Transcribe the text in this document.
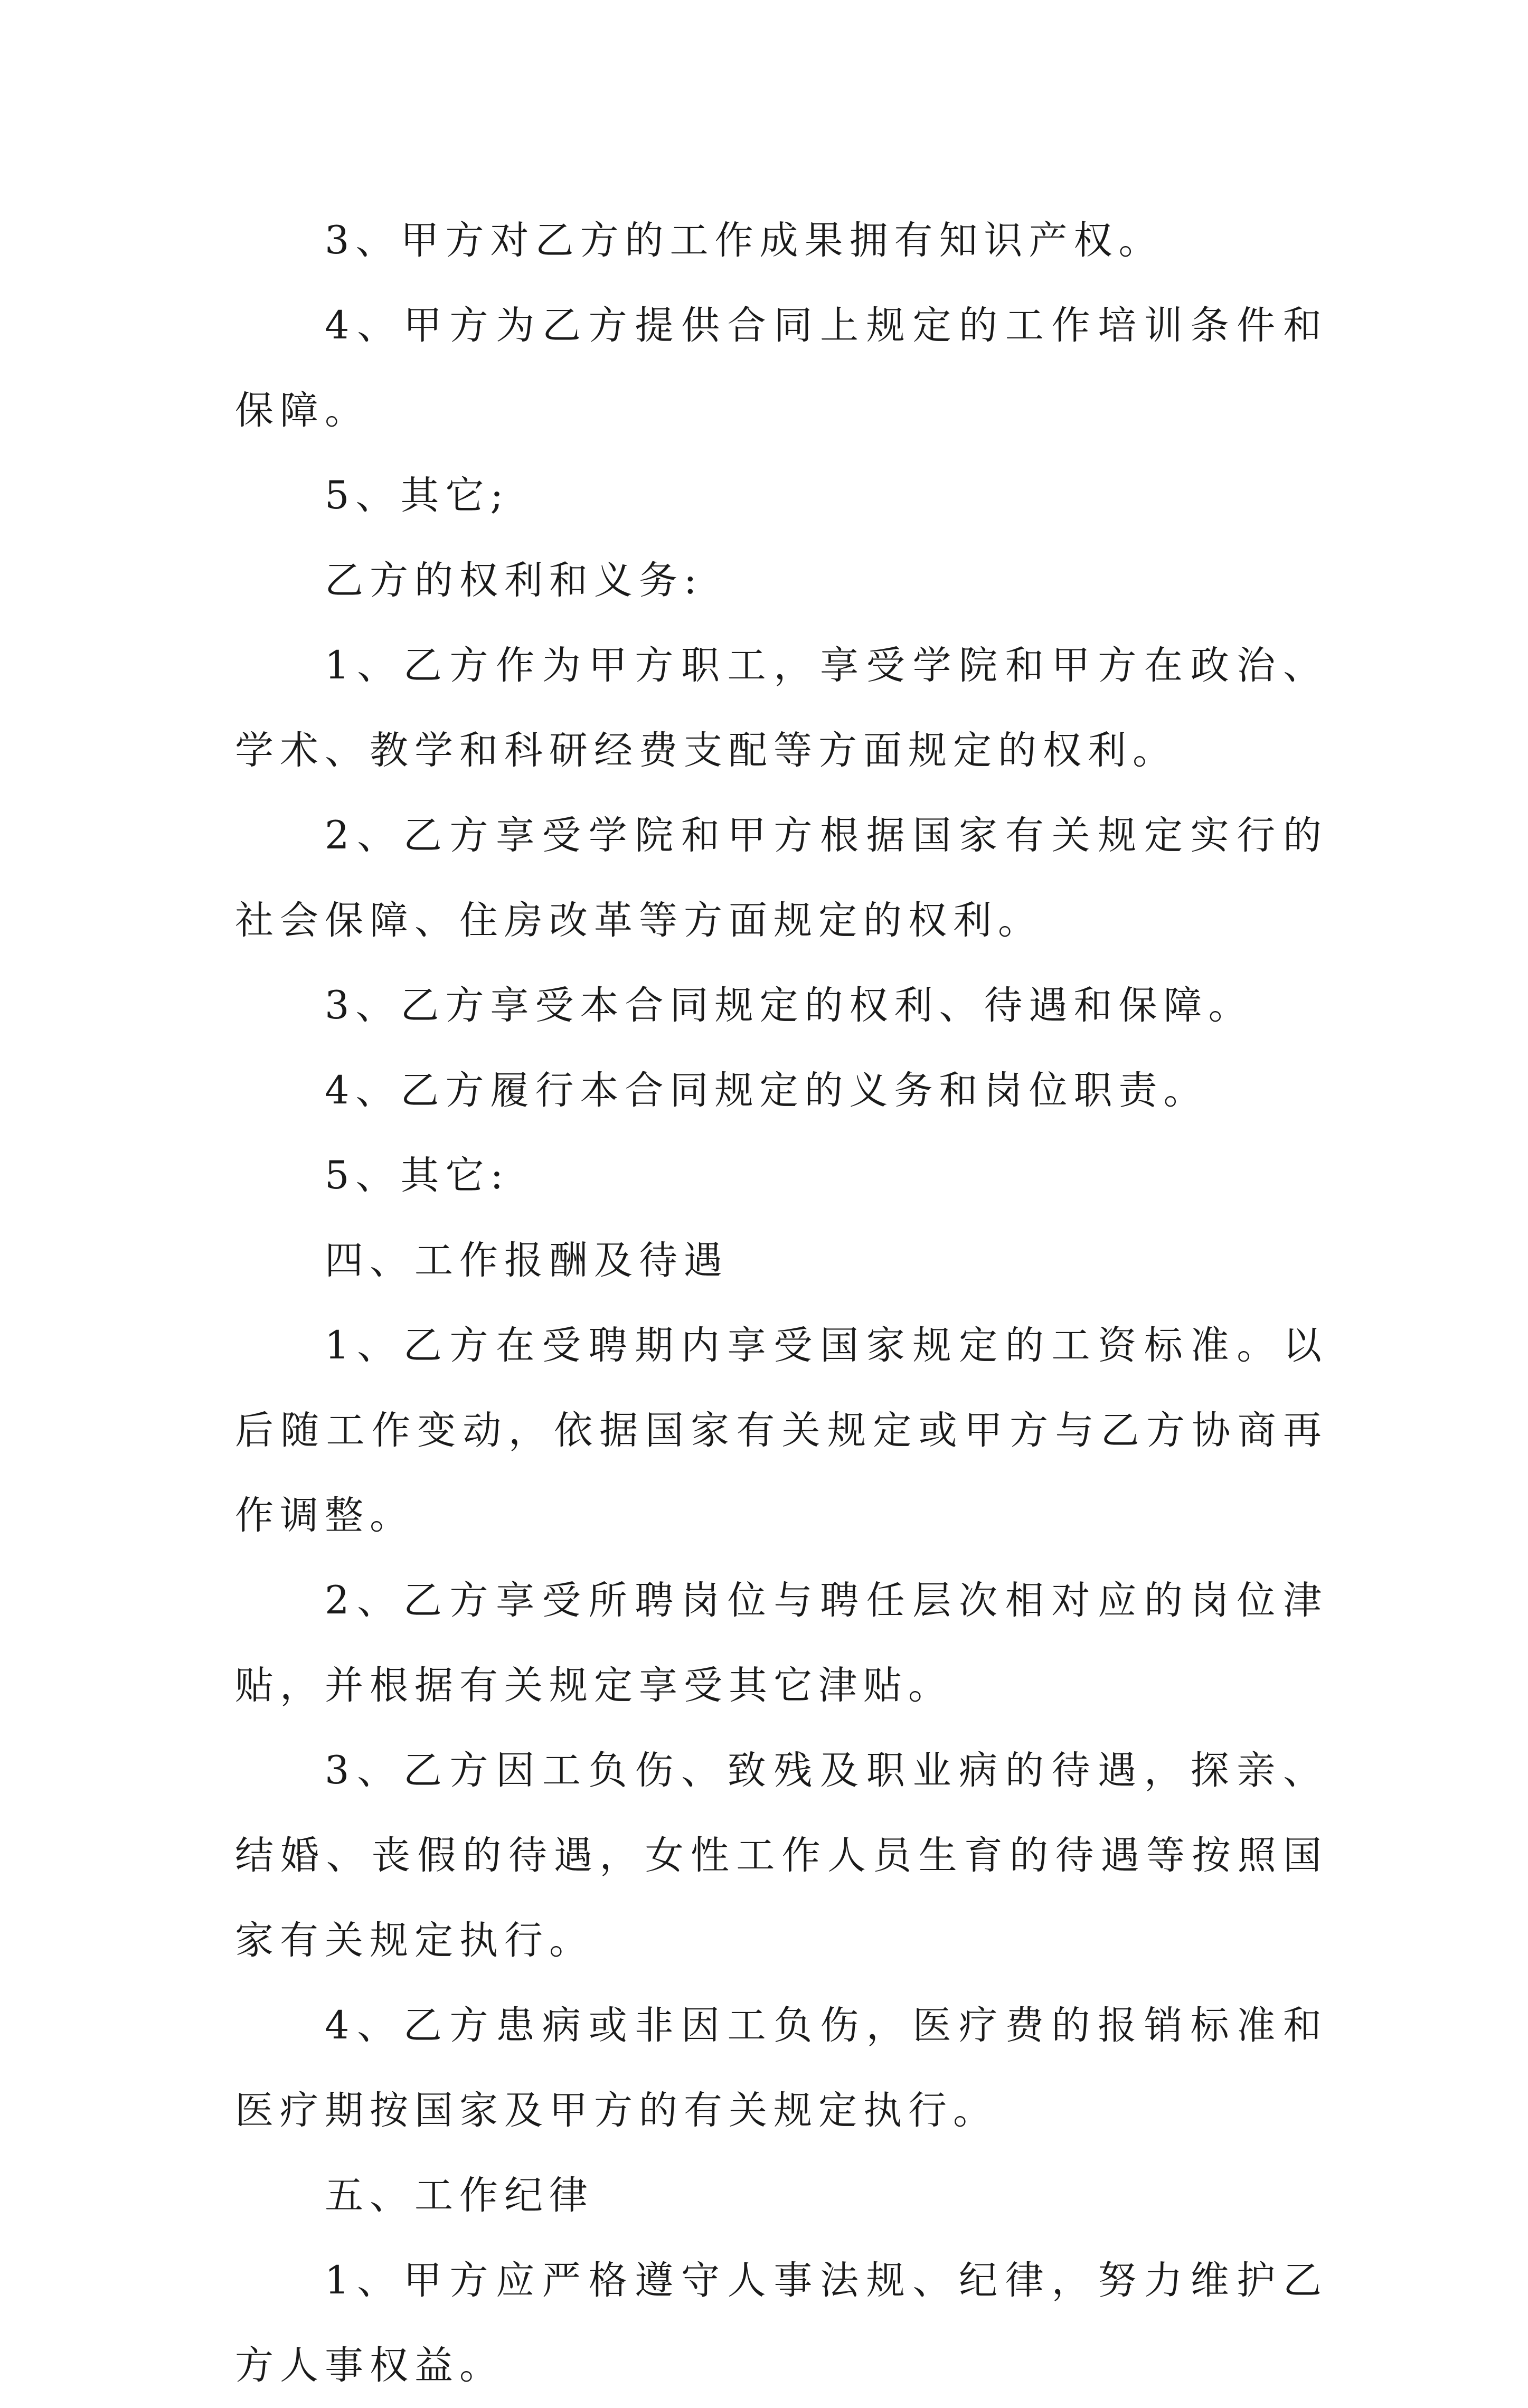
3、甲方对乙方的工作成果拥有知识产权。

4、甲方为乙方提供合同上规定的工作培训条件和保障。

5、其它;

乙方的权利和义务:

1、乙方作为甲方职工，享受学院和甲方在政治、学术、教学和科研经费支配等方面规定的权利。

2、乙方享受学院和甲方根据国家有关规定实行的社会保障、住房改革等方面规定的权利。

3、乙方享受本合同规定的权利、待遇和保障。

4、乙方履行本合同规定的义务和岗位职责。

5、其它:

四、工作报酬及待遇

1、乙方在受聘期内享受国家规定的工资标准。以后随工作变动，依据国家有关规定或甲方与乙方协商再作调整。

2、乙方享受所聘岗位与聘任层次相对应的岗位津贴，并根据有关规定享受其它津贴。

3、乙方因工负伤、致残及职业病的待遇，探亲、结婚、丧假的待遇，女性工作人员生育的待遇等按照国家有关规定执行。

4、乙方患病或非因工负伤，医疗费的报销标准和医疗期按国家及甲方的有关规定执行。

五、工作纪律

1、甲方应严格遵守人事法规、纪律，努力维护乙方人事权益。
